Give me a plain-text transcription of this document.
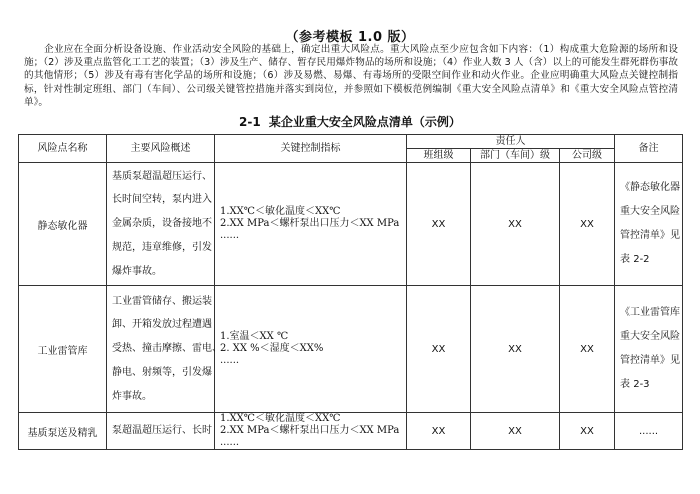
（参考模板 1.0 版）
企业应在全面分析设备设施、作业活动安全风险的基础上，确定出重大风险点。重大风险点至少应包含如下内容：（1）构成重大危险源的场所和设施；（2）涉及重点监管化工工艺的装置；（3）涉及生产、储存、暂存民用爆炸物品的场所和设施；（4）作业人数 3 人（含）以上的可能发生群死群伤事故的其他情形；（5）涉及有毒有害化学品的场所和设施；（6）涉及易燃、易爆、有毒场所的受限空间作业和动火作业。企业应明确重大风险点关键控制指标，针对性制定班组、部门（车间）、公司级关键管控措施并落实到岗位，并参照如下模板范例编制《重大安全风险点清单》和《重大安全风险点管控清单》。
2-1 某企业重大安全风险点清单（示例）
风险点名称	主要风险概述	关键控制指标	责任人			备注
			班组级	部门（车间）级	公司级	
静态敏化器	基质泵超温超压运行、
长时间空转，泵内进入
金属杂质，设备接地不
规范，违章维修，引发
爆炸事故。	1.XX℃＜敏化温度＜XX℃
2.XX MPa＜螺杆泵出口压力＜XX MPa
......	XX	XX	XX	《静态敏化器
重大安全风险
管控清单》见
表 2-2

工业雷管库	工业雷管储存、搬运装
卸、开箱发放过程遭遇
受热、撞击摩擦、雷电、
静电、射频等，引发爆
炸事故。	1.室温＜XX ℃
2. XX %＜湿度＜XX%
......	XX	XX	XX	《工业雷管库
重大安全风险
管控清单》见
表 2-3

基质泵送及精乳	泵超温超压运行、长时	1.XX℃＜敏化温度＜XX℃
2.XX MPa＜螺杆泵出口压力＜XX MPa
......	XX	XX	XX	......
